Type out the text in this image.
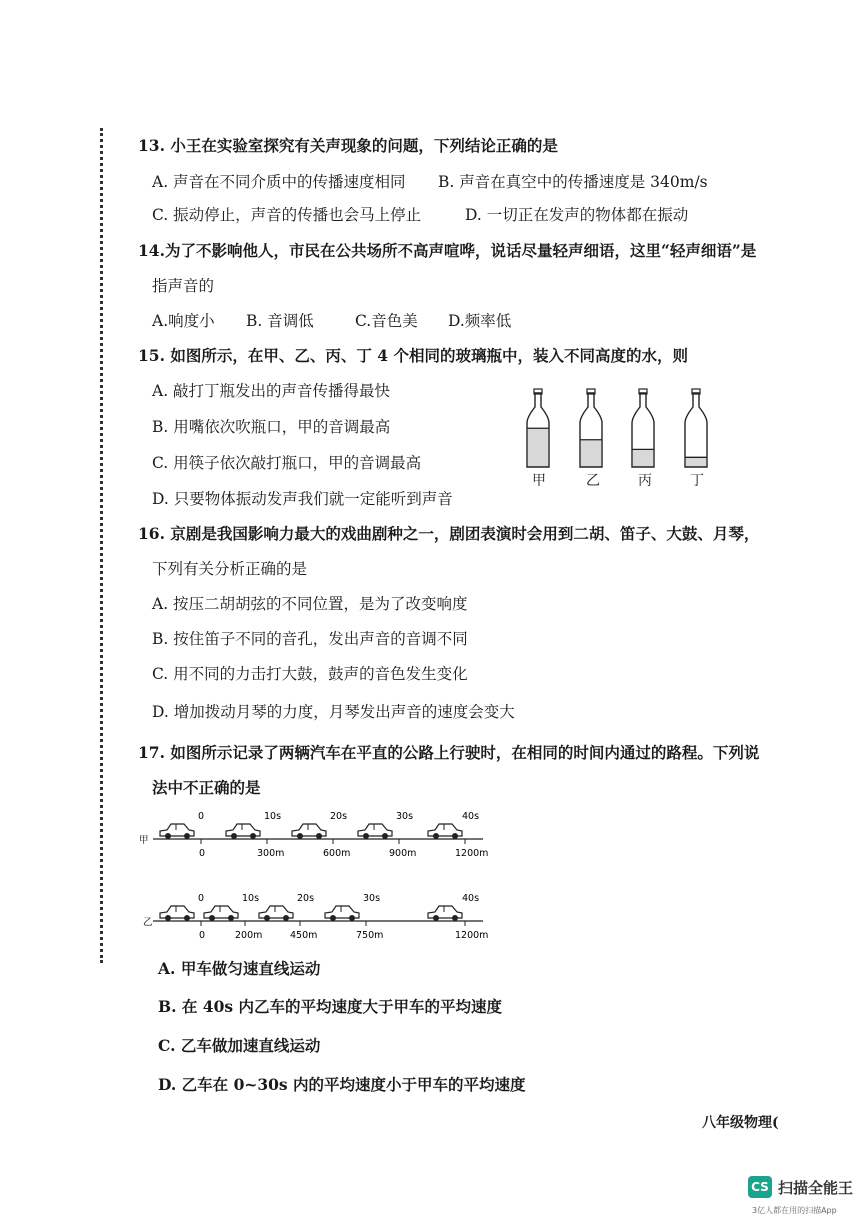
13. 小王在实验室探究有关声现象的问题，下列结论正确的是
A. 声音在不同介质中的传播速度相同 B. 声音在真空中的传播速度是 340m/s
C. 振动停止，声音的传播也会马上停止	D. 一切正在发声的物体都在振动
14.为了不影响他人，市民在公共场所不高声喧哗，说话尽量轻声细语，这里“轻声细语”是
指声音的
A.响度小 B. 音调低	C.音色美 D.频率低
15. 如图所示，在甲、乙、丙、丁 4 个相同的玻璃瓶中，装入不同高度的水，则
A. 敲打丁瓶发出的声音传播得最快
B. 用嘴依次吹瓶口，甲的音调最高
C. 用筷子依次敲打瓶口，甲的音调最高
D. 只要物体振动发声我们就一定能听到声音
甲	乙	丙	丁
16. 京剧是我国影响力最大的戏曲剧种之一，剧团表演时会用到二胡、笛子、大鼓、月琴，
下列有关分析正确的是
A. 按压二胡胡弦的不同位置，是为了改变响度
B. 按住笛子不同的音孔，发出声音的音调不同
C. 用不同的力击打大鼓，鼓声的音色发生变化
D. 增加拨动月琴的力度，月琴发出声音的速度会变大
17. 如图所示记录了两辆汽车在平直的公路上行驶时，在相同的时间内通过的路程。下列说
法中不正确的是
甲
0
0
10s
300m
20s
600m
30s
900m
40s
1200m
乙
0
0
10s
200m
20s
450m
30s
750m
40s
1200m
A. 甲车做匀速直线运动
B. 在 40s 内乙车的平均速度大于甲车的平均速度
C. 乙车做加速直线运动
D. 乙车在 0~30s 内的平均速度小于甲车的平均速度
八年级物理(
CS 扫描全能王
3亿人都在用的扫描App
